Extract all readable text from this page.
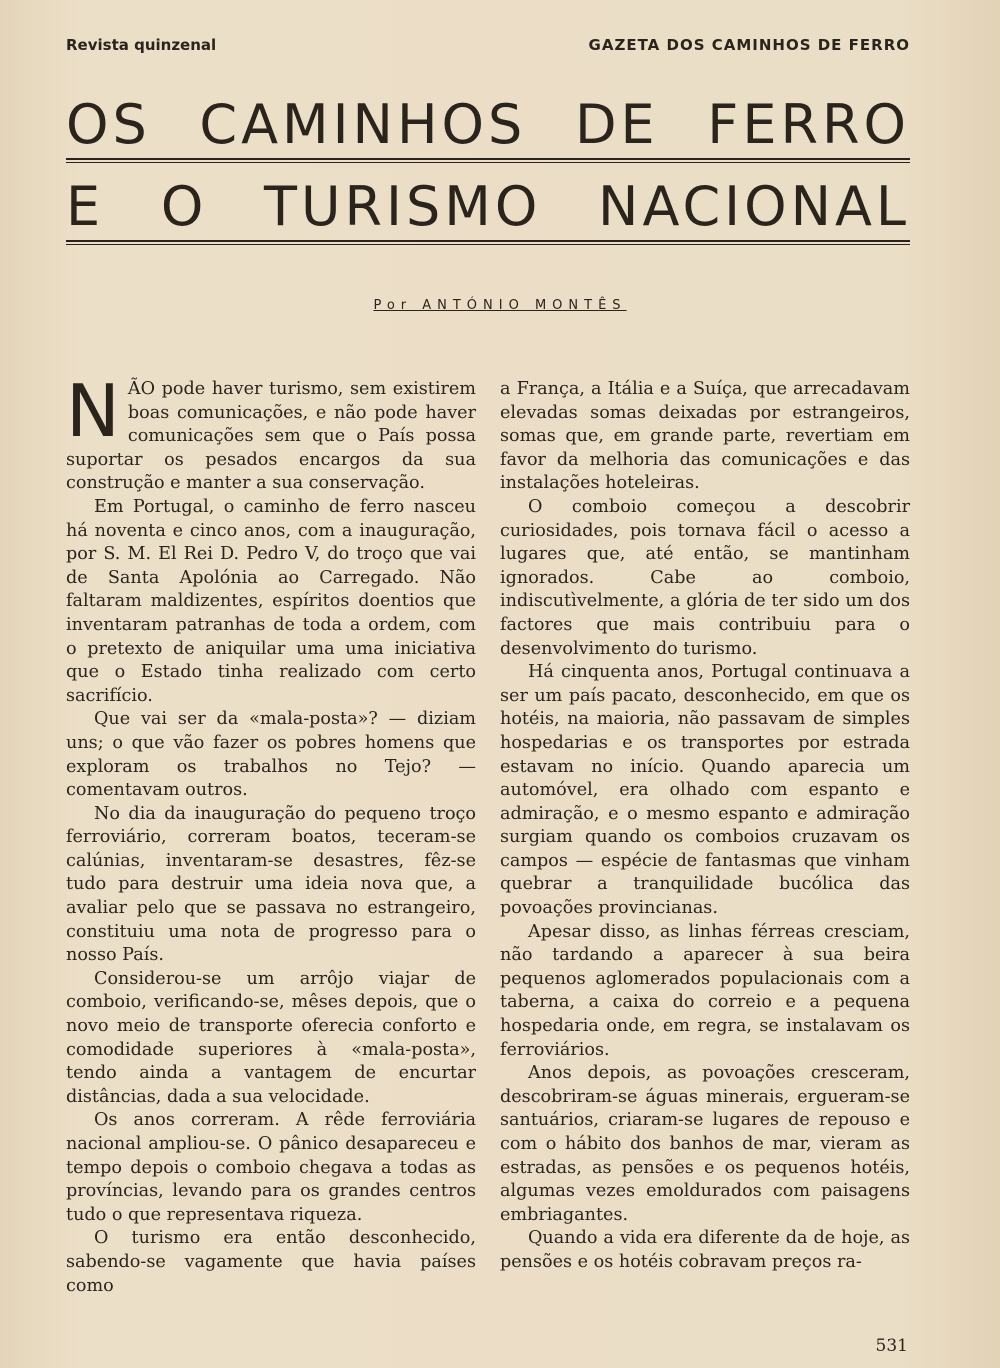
Revista quinzenal	GAZETA DOS CAMINHOS DE FERRO
OS CAMINHOS DE FERRO
E O TURISMO NACIONAL
Por ANTÓNIO MONTÊS

NÃO pode haver turismo, sem existirem boas comunicações, e não pode haver comunicações sem que o País possa suportar os pesados encargos da sua construção e manter a sua conservação.

Em Portugal, o caminho de ferro nasceu há noventa e cinco anos, com a inauguração, por S. M. El Rei D. Pedro V, do troço que vai de Santa Apolónia ao Carregado. Não faltaram maldizentes, espíritos doentios que inventaram patranhas de toda a ordem, com o pretexto de aniquilar uma uma iniciativa que o Estado tinha realizado com certo sacrifício.

Que vai ser da «mala-posta»? — diziam uns; o que vão fazer os pobres homens que exploram os trabalhos no Tejo? — comentavam outros.

No dia da inauguração do pequeno troço ferroviário, correram boatos, teceram-se calúnias, inventaram-se desastres, fêz-se tudo para destruir uma ideia nova que, a avaliar pelo que se passava no estrangeiro, constituiu uma nota de progresso para o nosso País.

Considerou-se um arrôjo viajar de comboio, verificando-se, mêses depois, que o novo meio de transporte oferecia conforto e comodidade superiores à «mala-posta», tendo ainda a vantagem de encurtar distâncias, dada a sua velocidade.

Os anos correram. A rêde ferroviária nacional ampliou-se. O pânico desapareceu e tempo depois o comboio chegava a todas as províncias, levando para os grandes centros tudo o que representava riqueza.

O turismo era então desconhecido, sabendo-se vagamente que havia países como

a França, a Itália e a Suíça, que arrecadavam elevadas somas deixadas por estrangeiros, somas que, em grande parte, revertiam em favor da melhoria das comunicações e das instalações hoteleiras.

O comboio começou a descobrir curiosidades, pois tornava fácil o acesso a lugares que, até então, se mantinham ignorados. Cabe ao comboio, indiscutìvelmente, a glória de ter sido um dos factores que mais contribuiu para o desenvolvimento do turismo.

Há cinquenta anos, Portugal continuava a ser um país pacato, desconhecido, em que os hotéis, na maioria, não passavam de simples hospedarias e os transportes por estrada estavam no início. Quando aparecia um automóvel, era olhado com espanto e admiração, e o mesmo espanto e admiração surgiam quando os comboios cruzavam os campos — espécie de fantasmas que vinham quebrar a tranquilidade bucólica das povoações provincianas.

Apesar disso, as linhas férreas cresciam, não tardando a aparecer à sua beira pequenos aglomerados populacionais com a taberna, a caixa do correio e a pequena hospedaria onde, em regra, se instalavam os ferroviários.

Anos depois, as povoações cresceram, descobriram-se águas minerais, ergueram-se santuários, criaram-se lugares de repouso e com o hábito dos banhos de mar, vieram as estradas, as pensões e os pequenos hotéis, algumas vezes emoldurados com paisagens embriagantes.

Quando a vida era diferente da de hoje, as pensões e os hotéis cobravam preços ra-

531
